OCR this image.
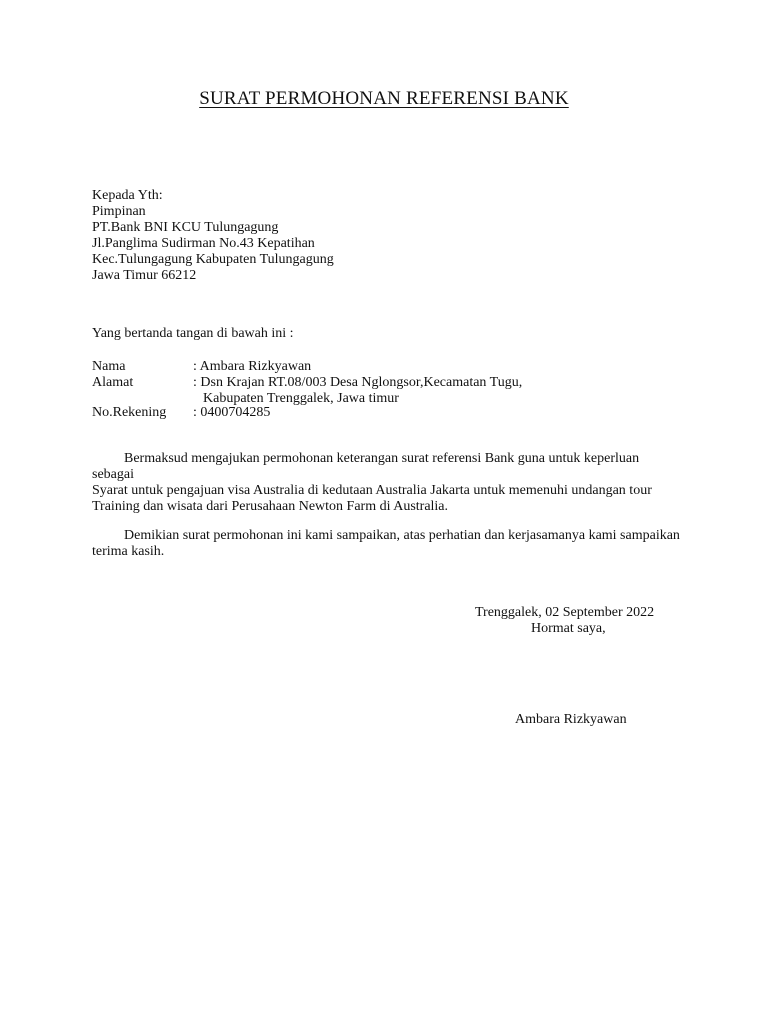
SURAT PERMOHONAN REFERENSI BANK
Kepada Yth:
Pimpinan
PT.Bank BNI KCU Tulungagung
Jl.Panglima Sudirman No.43 Kepatihan
Kec.Tulungagung Kabupaten Tulungagung
Jawa Timur 66212
Yang bertanda tangan di bawah ini :
Nama	: Ambara Rizkyawan
Alamat	: Dsn Krajan RT.08/003 Desa Nglongsor,Kecamatan Tugu,
Kabupaten Trenggalek, Jawa timur
No.Rekening : 0400704285

Bermaksud mengajukan permohonan keterangan surat referensi Bank guna untuk keperluan sebagai

Syarat untuk pengajuan visa Australia di kedutaan Australia Jakarta untuk memenuhi undangan tour Training dan wisata dari Perusahaan Newton Farm di Australia.

Demikian surat permohonan ini kami sampaikan, atas perhatian dan kerjasamanya kami sampaikan terima kasih.

Trenggalek, 02 September 2022
Hormat saya,
Ambara Rizkyawan
